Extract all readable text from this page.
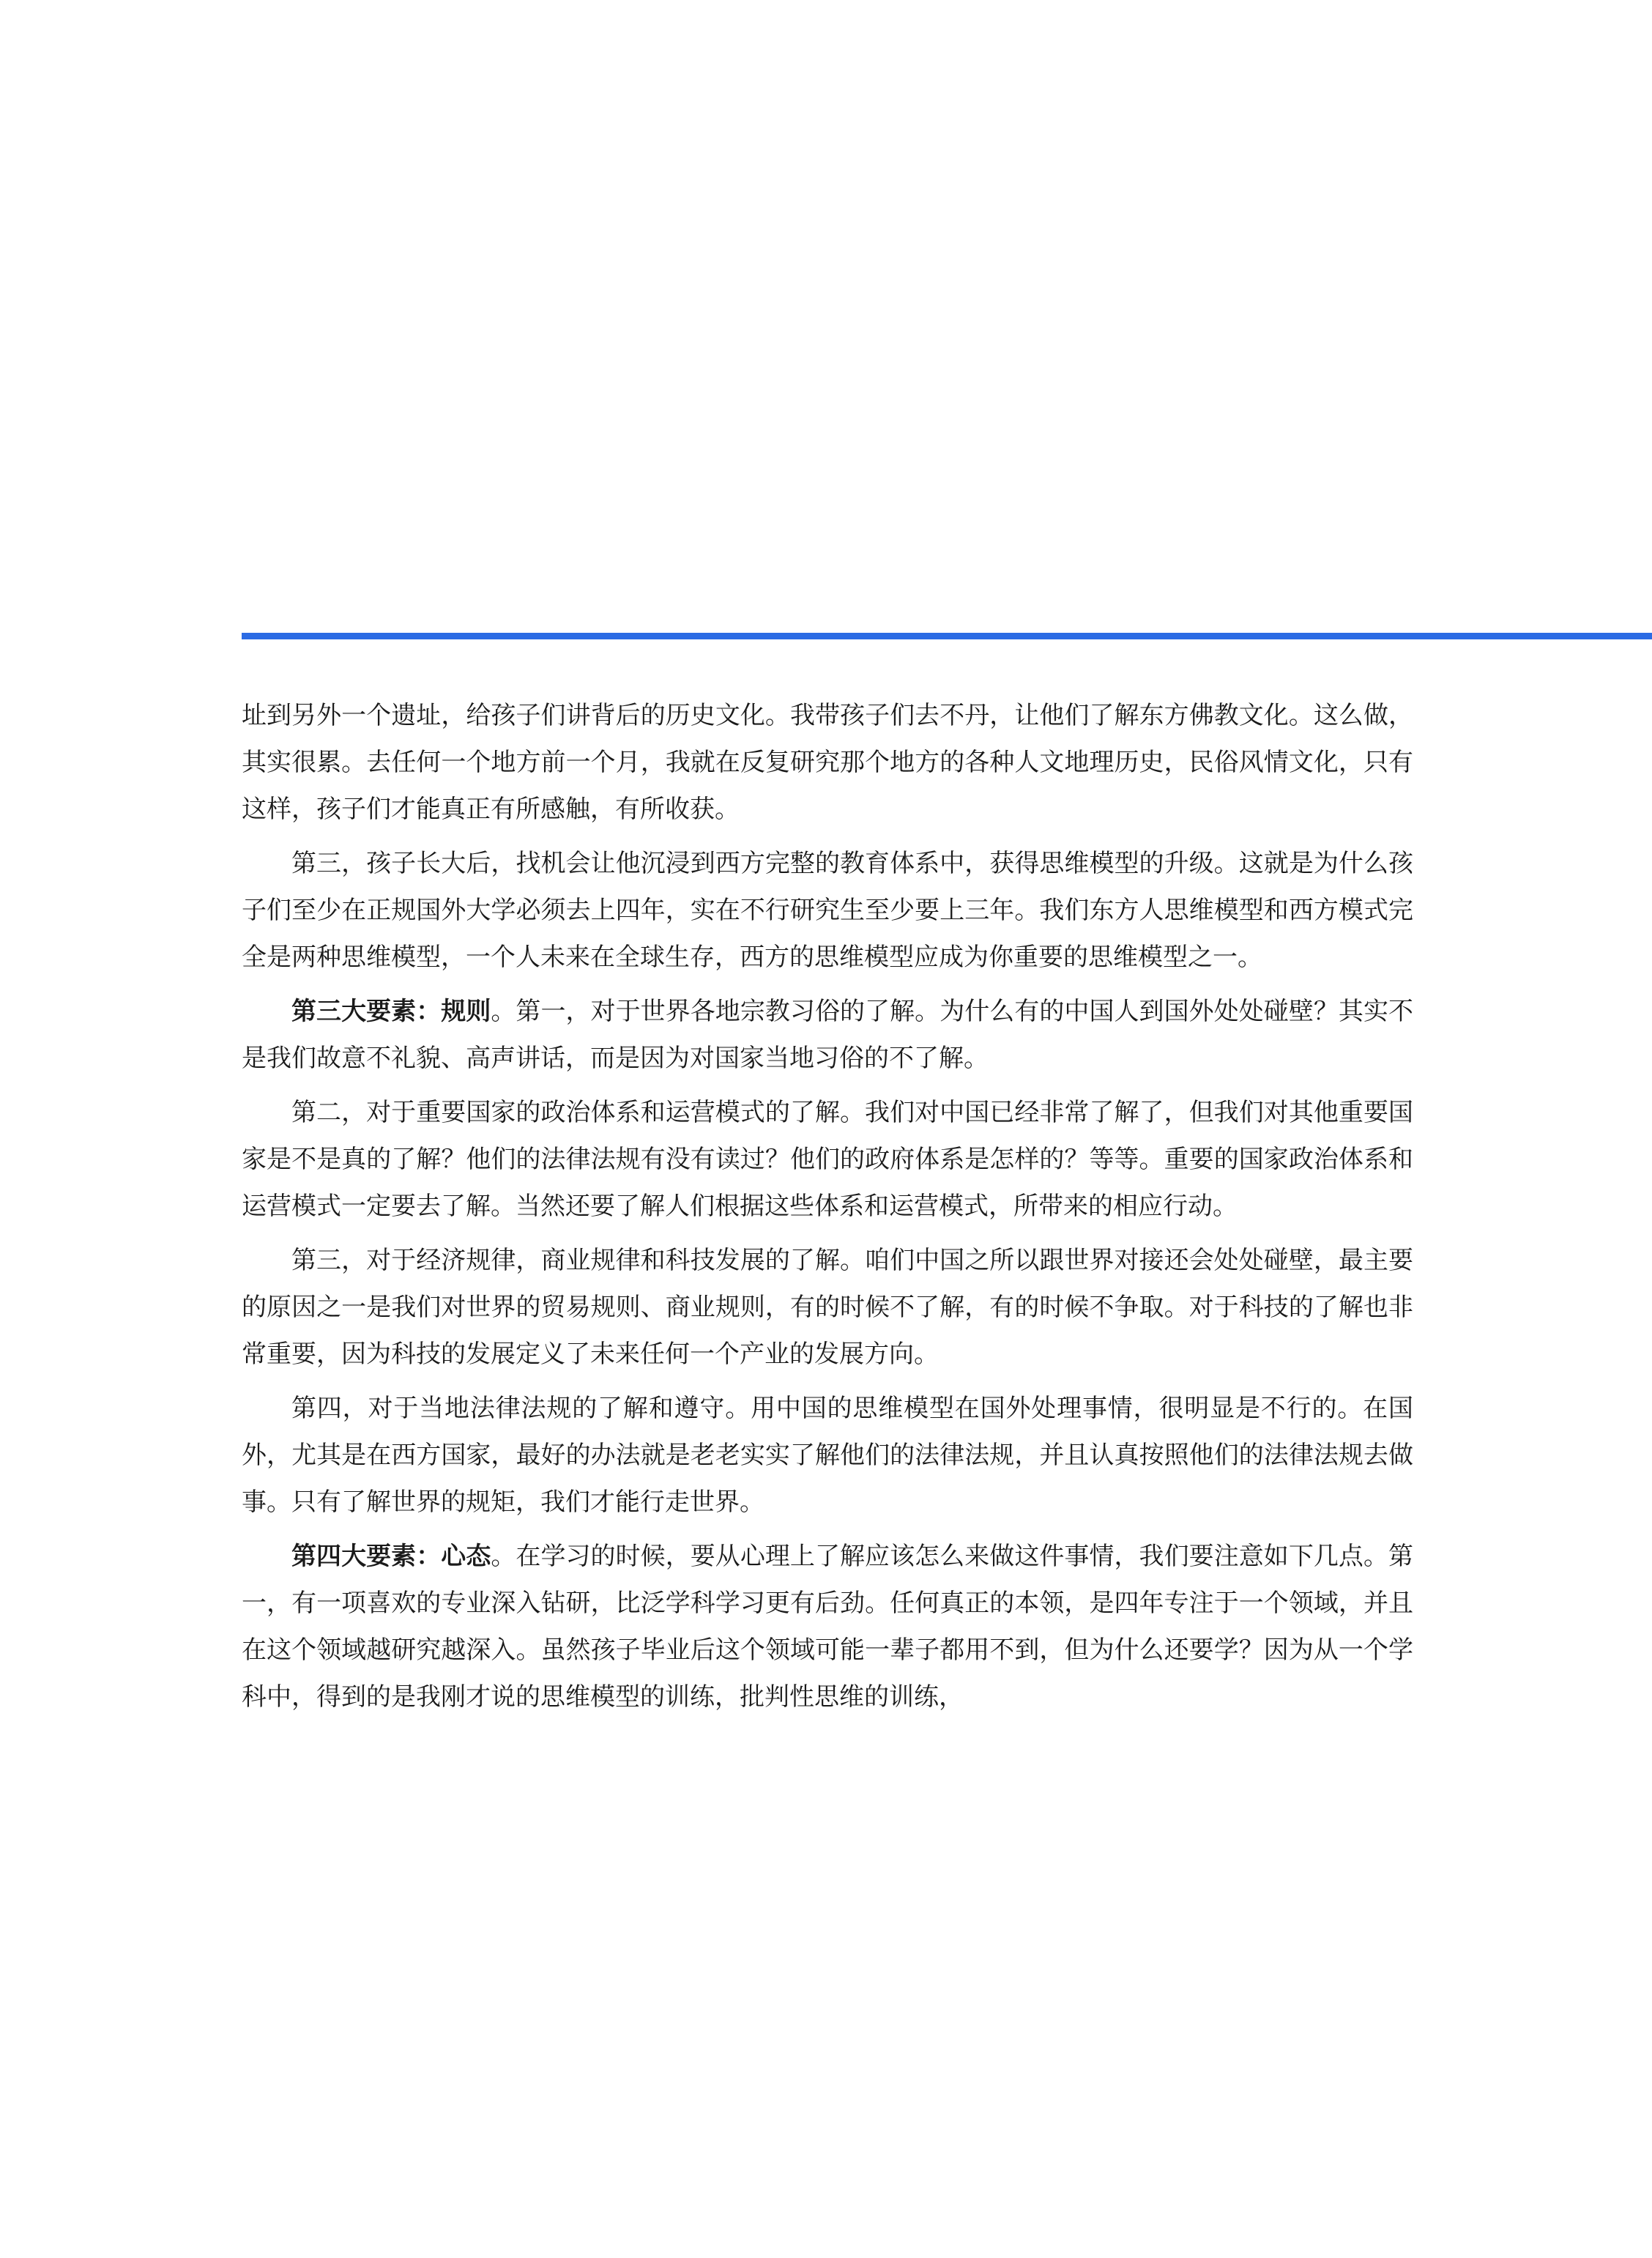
址到另外一个遗址，给孩子们讲背后的历史文化。我带孩子们去不丹，让他们了解东方佛教文化。这么做，其实很累。去任何一个地方前一个月，我就在反复研究那个地方的各种人文地理历史，民俗风情文化，只有这样，孩子们才能真正有所感触，有所收获。

第三，孩子长大后，找机会让他沉浸到西方完整的教育体系中，获得思维模型的升级。这就是为什么孩子们至少在正规国外大学必须去上四年，实在不行研究生至少要上三年。我们东方人思维模型和西方模式完全是两种思维模型，一个人未来在全球生存，西方的思维模型应成为你重要的思维模型之一。

第三大要素：规则。第一，对于世界各地宗教习俗的了解。为什么有的中国人到国外处处碰壁？其实不是我们故意不礼貌、高声讲话，而是因为对国家当地习俗的不了解。

第二，对于重要国家的政治体系和运营模式的了解。我们对中国已经非常了解了，但我们对其他重要国家是不是真的了解？他们的法律法规有没有读过？他们的政府体系是怎样的？等等。重要的国家政治体系和运营模式一定要去了解。当然还要了解人们根据这些体系和运营模式，所带来的相应行动。

第三，对于经济规律，商业规律和科技发展的了解。咱们中国之所以跟世界对接还会处处碰壁，最主要的原因之一是我们对世界的贸易规则、商业规则，有的时候不了解，有的时候不争取。对于科技的了解也非常重要，因为科技的发展定义了未来任何一个产业的发展方向。

第四，对于当地法律法规的了解和遵守。用中国的思维模型在国外处理事情，很明显是不行的。在国外，尤其是在西方国家，最好的办法就是老老实实了解他们的法律法规，并且认真按照他们的法律法规去做事。只有了解世界的规矩，我们才能行走世界。

第四大要素：心态。在学习的时候，要从心理上了解应该怎么来做这件事情，我们要注意如下几点。第一，有一项喜欢的专业深入钻研，比泛学科学习更有后劲。任何真正的本领，是四年专注于一个领域，并且在这个领域越研究越深入。虽然孩子毕业后这个领域可能一辈子都用不到，但为什么还要学？因为从一个学科中，得到的是我刚才说的思维模型的训练，批判性思维的训练，
